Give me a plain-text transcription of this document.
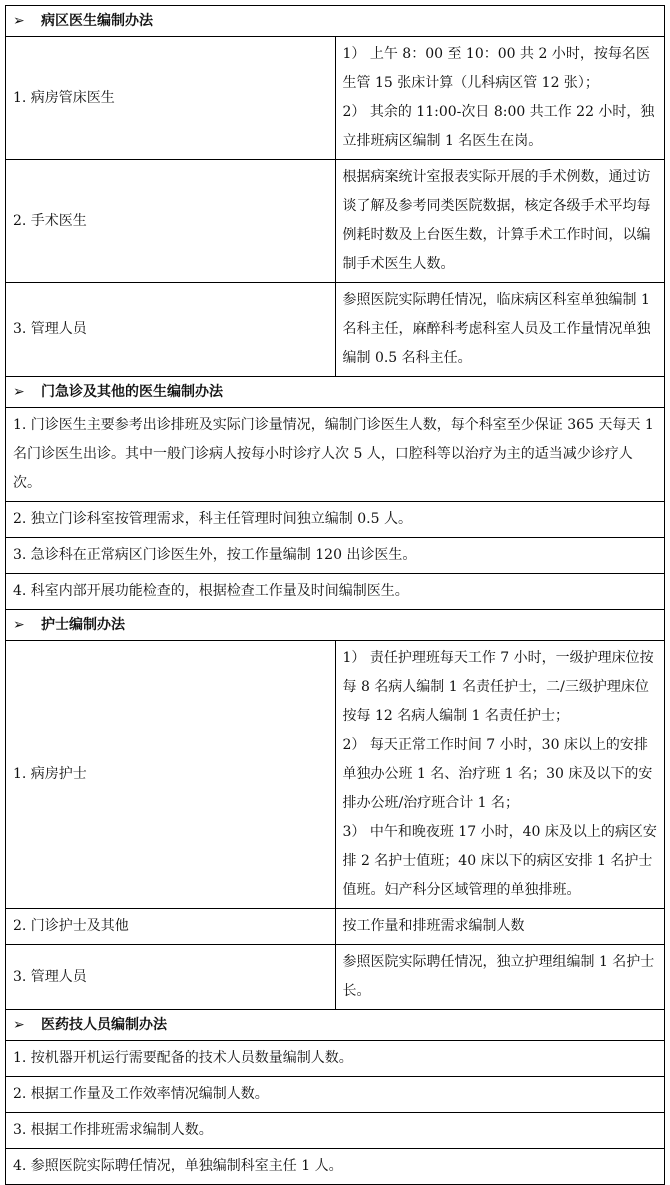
➢ 病区医生编制办法	
1. 病房管床医生	1） 上午 8：00 至 10：00 共 2 小时，按每名医生管 15 张床计算（儿科病区管 12 张）；
2） 其余的 11:00-次日 8:00 共工作 22 小时，独立排班病区编制 1 名医生在岗。

2. 手术医生	根据病案统计室报表实际开展的手术例数，通过访谈了解及参考同类医院数据，核定各级手术平均每例耗时数及上台医生数，计算手术工作时间，以编制手术医生人数。
3. 管理人员	参照医院实际聘任情况，临床病区科室单独编制 1 名科主任，麻醉科考虑科室人员及工作量情况单独编制 0.5 名科主任。
➢ 门急诊及其他的医生编制办法	
1. 门诊医生主要参考出诊排班及实际门诊量情况，编制门诊医生人数，每个科室至少保证 365 天每天 1 名门诊医生出诊。其中一般门诊病人按每小时诊疗人次 5 人，口腔科等以治疗为主的适当减少诊疗人次。	
2. 独立门诊科室按管理需求，科主任管理时间独立编制 0.5 人。	
3. 急诊科在正常病区门诊医生外，按工作量编制 120 出诊医生。	
4. 科室内部开展功能检查的，根据检查工作量及时间编制医生。	
➢ 护士编制办法	
1. 病房护士	1） 责任护理班每天工作 7 小时，一级护理床位按每 8 名病人编制 1 名责任护士，二/三级护理床位按每 12 名病人编制 1 名责任护士；
2） 每天正常工作时间 7 小时，30 床以上的安排单独办公班 1 名、治疗班 1 名；30 床及以下的安排办公班/治疗班合计 1 名；
3） 中午和晚夜班 17 小时，40 床及以上的病区安排 2 名护士值班；40 床以下的病区安排 1 名护士值班。妇产科分区域管理的单独排班。

2. 门诊护士及其他	按工作量和排班需求编制人数
3. 管理人员	参照医院实际聘任情况，独立护理组编制 1 名护士长。
➢ 医药技人员编制办法	
1. 按机器开机运行需要配备的技术人员数量编制人数。	
2. 根据工作量及工作效率情况编制人数。	
3. 根据工作排班需求编制人数。	
4. 参照医院实际聘任情况，单独编制科室主任 1 人。	
